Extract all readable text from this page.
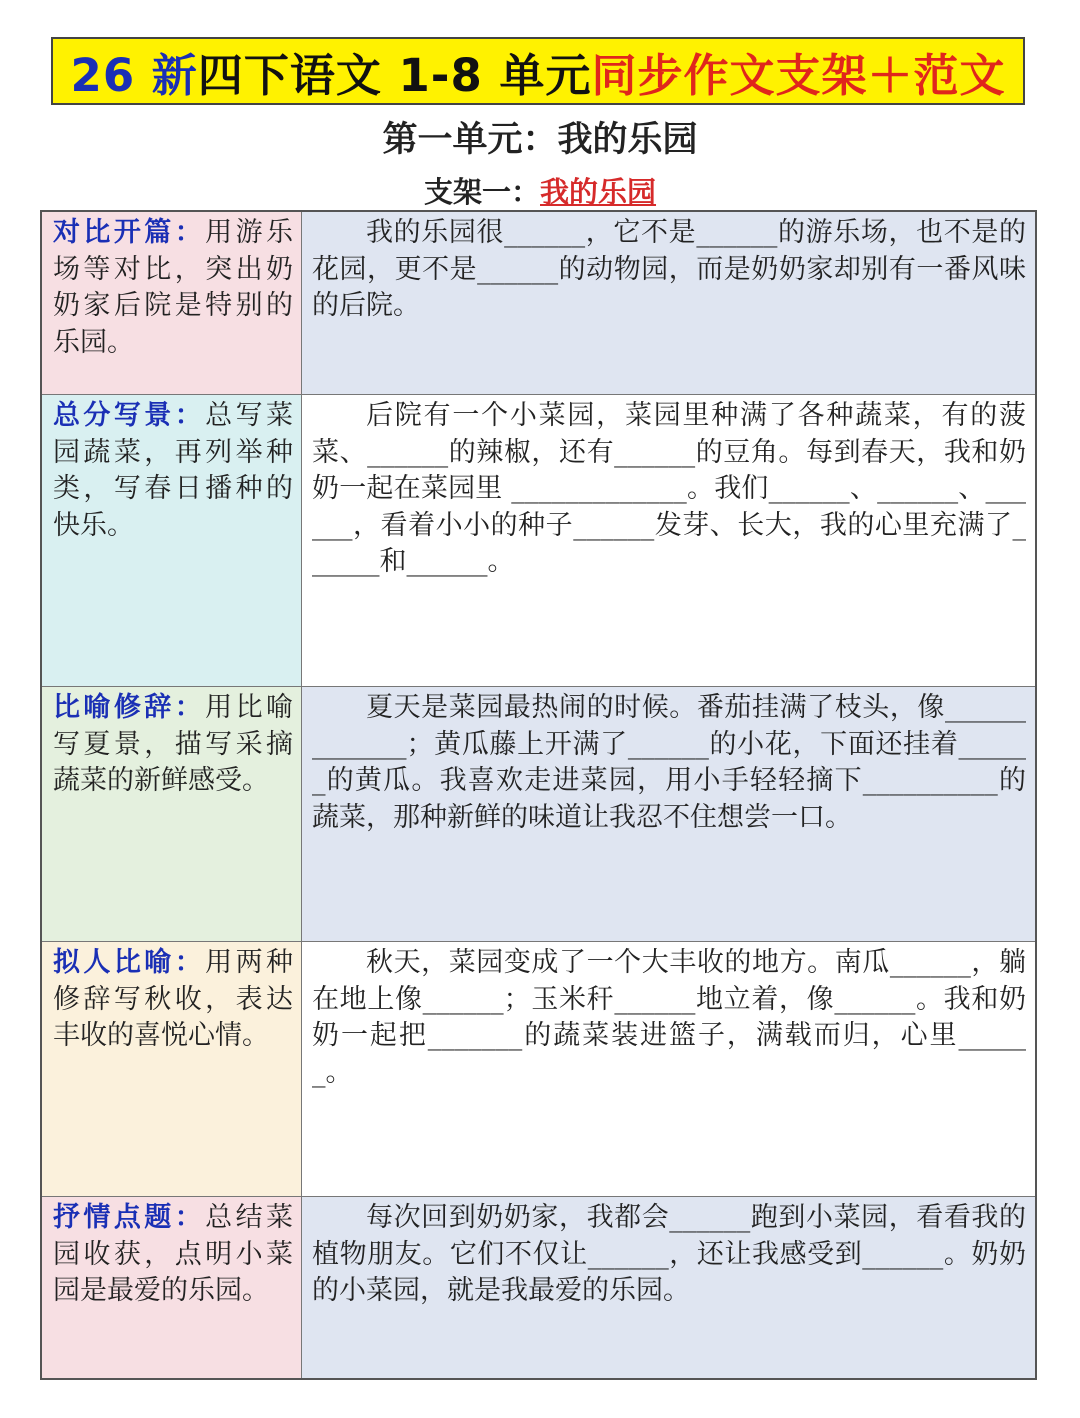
26 新 四下语文 1-8 单元 同步作文支架＋范文
第一单元：我的乐园
支架一：我的乐园
对比开篇：用游乐场等对比，突出奶奶家后院是特别的乐园。
我的乐园很______，它不是______的游乐场，也不是的花园，更不是______的动物园，而是奶奶家却别有一番风味的后院。
总分写景：总写菜园蔬菜，再列举种类，写春日播种的快乐。
后院有一个小菜园，菜园里种满了各种蔬菜，有的菠菜、______的辣椒，还有______的豆角。每到春天，我和奶奶一起在菜园里 _____________。我们______、______、______，看着小小的种子______发芽、长大，我的心里充满了______和______。
比喻修辞：用比喻写夏景，描写采摘蔬菜的新鲜感受。
夏天是菜园最热闹的时候。番茄挂满了枝头，像_____________；黄瓜藤上开满了______的小花，下面还挂着______的黄瓜。我喜欢走进菜园，用小手轻轻摘下__________的蔬菜，那种新鲜的味道让我忍不住想尝一口。
拟人比喻：用两种修辞写秋收，表达丰收的喜悦心情。
秋天，菜园变成了一个大丰收的地方。南瓜______，躺在地上像______；玉米秆______地立着，像______。我和奶奶一起把_______的蔬菜装进篮子，满载而归，心里______。
抒情点题：总结菜园收获，点明小菜园是最爱的乐园。
每次回到奶奶家，我都会______跑到小菜园，看看我的植物朋友。它们不仅让______，还让我感受到______。奶奶的小菜园，就是我最爱的乐园。
